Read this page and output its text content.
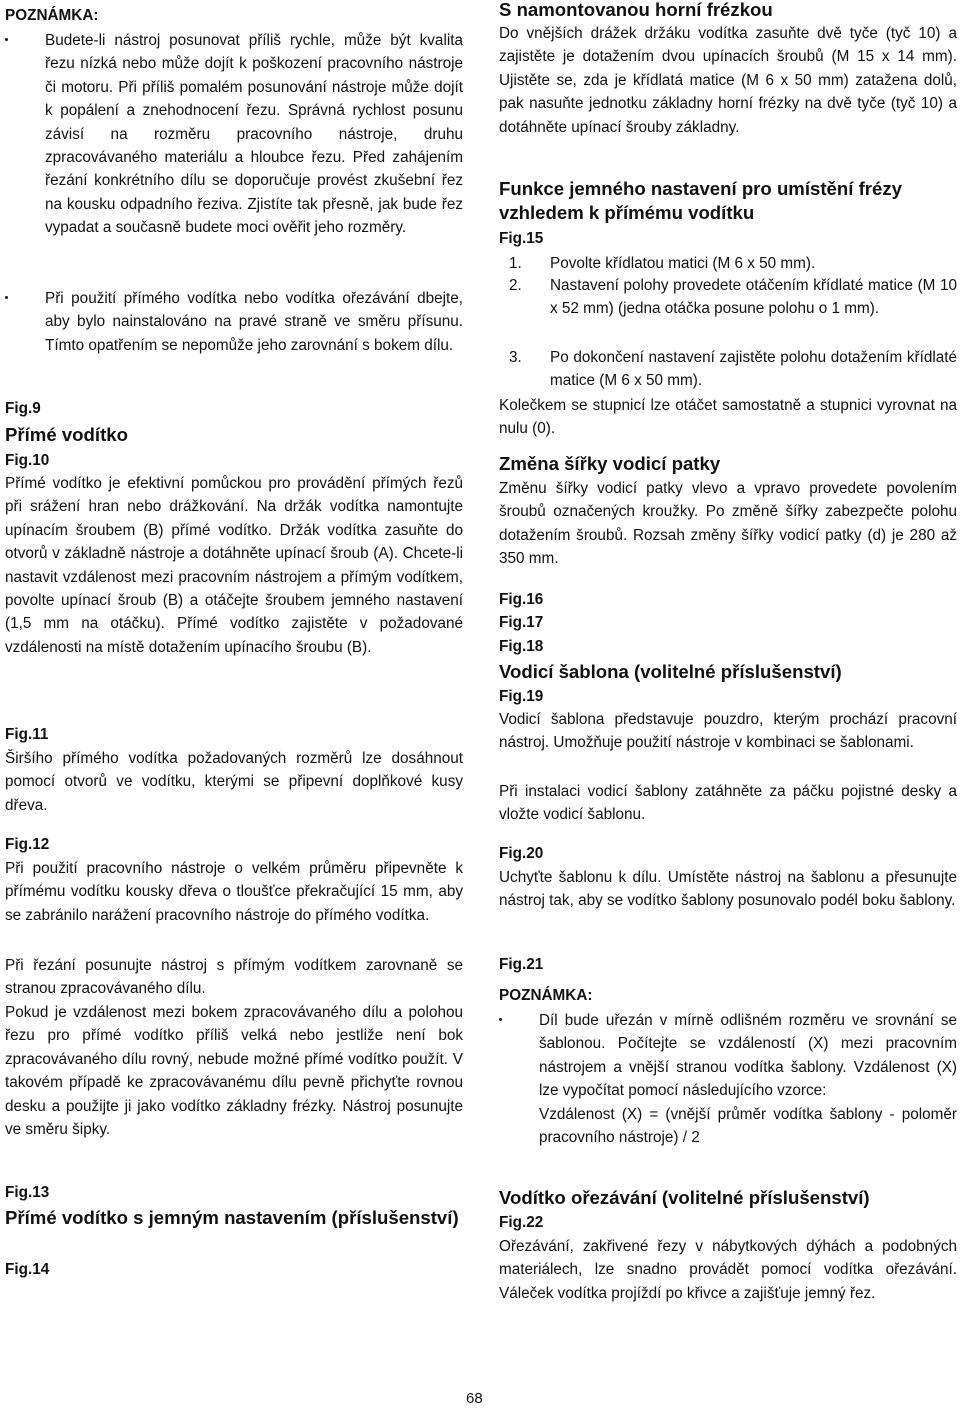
POZNÁMKA:
Budete-li nástroj posunovat příliš rychle, může být kvalita řezu nízká nebo může dojít k poškození pracovního nástroje či motoru. Při příliš pomalém posunování nástroje může dojít k popálení a znehodnocení řezu. Správná rychlost posunu závisí na rozměru pracovního nástroje, druhu zpracovávaného materiálu a hloubce řezu. Před zahájením řezání konkrétního dílu se doporučuje provést zkušební řez na kousku odpadního řeziva. Zjistíte tak přesně, jak bude řez vypadat a současně budete moci ověřit jeho rozměry.
Při použití přímého vodítka nebo vodítka ořezávání dbejte, aby bylo nainstalováno na pravé straně ve směru přísunu. Tímto opatřením se nepomůže jeho zarovnání s bokem dílu.
Fig.9
Přímé vodítko
Fig.10
Přímé vodítko je efektivní pomůckou pro provádění přímých řezů při srážení hran nebo drážkování. Na držák vodítka namontujte upínacím šroubem (B) přímé vodítko. Držák vodítka zasuňte do otvorů v základně nástroje a dotáhněte upínací šroub (A). Chcete-li nastavit vzdálenost mezi pracovním nástrojem a přímým vodítkem, povolte upínací šroub (B) a otáčejte šroubem jemného nastavení (1,5 mm na otáčku). Přímé vodítko zajistěte v požadované vzdálenosti na místě dotažením upínacího šroubu (B).
Fig.11
Širšího přímého vodítka požadovaných rozměrů lze dosáhnout pomocí otvorů ve vodítku, kterými se připevní doplňkové kusy dřeva.
Fig.12
Při použití pracovního nástroje o velkém průměru připevněte k přímému vodítku kousky dřeva o tloušťce překračující 15 mm, aby se zabránilo narážení pracovního nástroje do přímého vodítka.
Při řezání posunujte nástroj s přímým vodítkem zarovnaně se stranou zpracovávaného dílu.
Pokud je vzdálenost mezi bokem zpracovávaného dílu a polohou řezu pro přímé vodítko příliš velká nebo jestliže není bok zpracovávaného dílu rovný, nebude možné přímé vodítko použít. V takovém případě ke zpracovávanému dílu pevně přichyťte rovnou desku a použijte ji jako vodítko základny frézky. Nástroj posunujte ve směru šipky.
Fig.13
Přímé vodítko s jemným nastavením (příslušenství)
Fig.14
S namontovanou horní frézkou
Do vnějších drážek držáku vodítka zasuňte dvě tyče (tyč 10) a zajistěte je dotažením dvou upínacích šroubů (M 15 x 14 mm). Ujistěte se, zda je křídlatá matice (M 6 x 50 mm) zatažena dolů, pak nasuňte jednotku základny horní frézky na dvě tyče (tyč 10) a dotáhněte upínací šrouby základny.
Funkce jemného nastavení pro umístění frézy vzhledem k přímému vodítku
Fig.15
1. Povolte křídlatou matici (M 6 x 50 mm).
2. Nastavení polohy provedete otáčením křídlaté matice (M 10 x 52 mm) (jedna otáčka posune polohu o 1 mm).
3. Po dokončení nastavení zajistěte polohu dotažením křídlaté matice (M 6 x 50 mm).
Kolečkem se stupnicí lze otáčet samostatně a stupnici vyrovnat na nulu (0).
Změna šířky vodicí patky
Změnu šířky vodicí patky vlevo a vpravo provedete povolením šroubů označených kroužky. Po změně šířky zabezpečte polohu dotažením šroubů. Rozsah změny šířky vodicí patky (d) je 280 až 350 mm.
Fig.16
Fig.17
Fig.18
Vodicí šablona (volitelné příslušenství)
Fig.19
Vodicí šablona představuje pouzdro, kterým prochází pracovní nástroj. Umožňuje použití nástroje v kombinaci se šablonami.
Při instalaci vodicí šablony zatáhněte za páčku pojistné desky a vložte vodicí šablonu.
Fig.20
Uchyťte šablonu k dílu. Umístěte nástroj na šablonu a přesunujte nástroj tak, aby se vodítko šablony posunovalo podél boku šablony.
Fig.21
POZNÁMKA:
Díl bude uřezán v mírně odlišném rozměru ve srovnání se šablonou. Počítejte se vzdáleností (X) mezi pracovním nástrojem a vnější stranou vodítka šablony. Vzdálenost (X) lze vypočítat pomocí následujícího vzorce:
Vzdálenost (X) = (vnější průměr vodítka šablony - poloměr pracovního nástroje) / 2
Vodítko ořezávání (volitelné příslušenství)
Fig.22
Ořezávání, zakřivené řezy v nábytkových dýhách a podobných materiálech, lze snadno provádět pomocí vodítka ořezávání. Váleček vodítka projíždí po křivce a zajišťuje jemný řez.
68
